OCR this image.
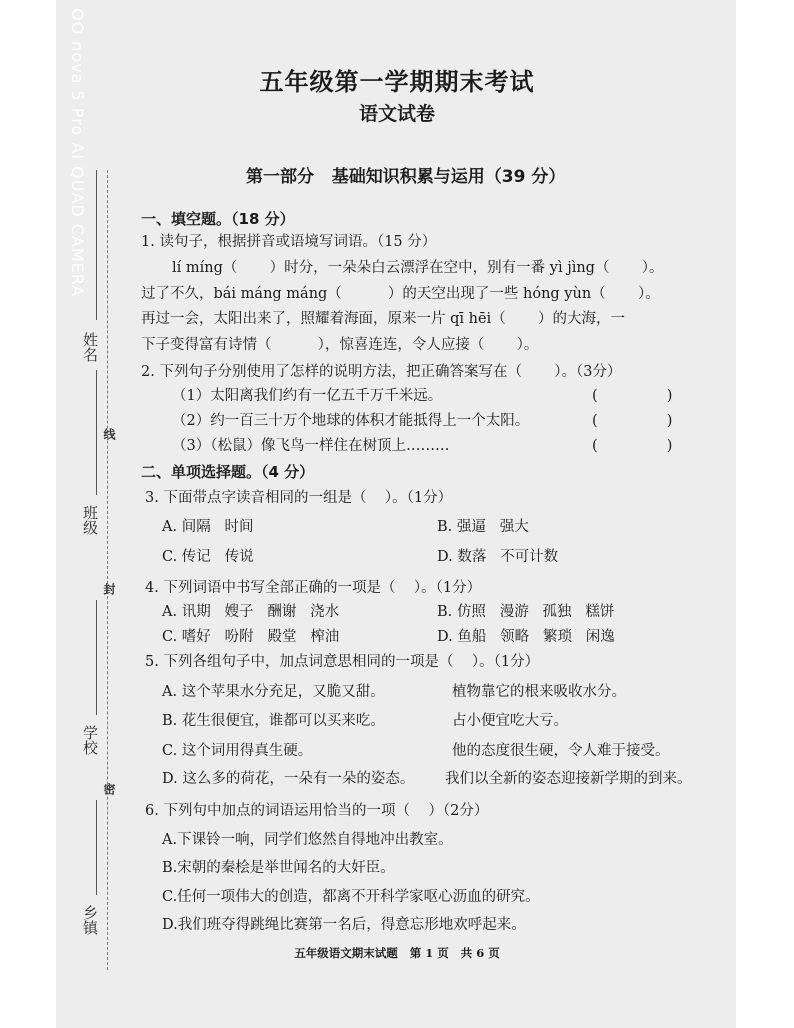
OO nova 5 Pro AI QUAD CAMERA
姓名
线
班级
封
学校
密
乡镇
五年级第一学期期末考试
语文试卷
第一部分   基础知识积累与运用（39 分）
一、填空题。（18 分）
1. 读句子，根据拼音或语境写词语。（15 分）
lí míng（       ）时分，一朵朵白云漂浮在空中，别有一番 yì jìng（       ）。
过了不久，bái máng máng（          ）的天空出现了一些 hóng yùn（       ）。
再过一会，太阳出来了，照耀着海面，原来一片 qī hēi（       ）的大海，一
下子变得富有诗情（          ），惊喜连连，令人应接（       ）。
2. 下列句子分别使用了怎样的说明方法，把正确答案写在（       ）。（3分）
（1）太阳离我们约有一亿五千万千米远。	(               )
（2）约一百三十万个地球的体积才能抵得上一个太阳。	(               )
（3）（松鼠）像飞鸟一样住在树顶上………	(               )
二、单项选择题。（4 分）
3. 下面带点字读音相同的一组是（    ）。（1分）
A. 间隔   时间	B. 强逼   强大
C. 传记   传说	D. 数落   不可计数
4. 下列词语中书写全部正确的一项是（    ）。（1分）
A. 讯期   嫂子   酬谢   浇水	B. 仿照   漫游   孤独   糕饼
C. 嗜好   吩附   殿堂   榨油	D. 鱼船   领略   繁琐   闲逸
5. 下列各组句子中，加点词意思相同的一项是（    ）。（1分）
A. 这个苹果水分充足，又脆又甜。	植物靠它的根来吸收水分。
B. 花生很便宜，谁都可以买来吃。	占小便宜吃大亏。
C. 这个词用得真生硬。	他的态度很生硬，令人难于接受。
D. 这么多的荷花，一朵有一朵的姿态。 我们以全新的姿态迎接新学期的到来。
6. 下列句中加点的词语运用恰当的一项（    ）（2分）
A.下课铃一响，同学们悠然自得地冲出教室。
B.宋朝的秦桧是举世闻名的大奸臣。
C.任何一项伟大的创造，都离不开科学家呕心沥血的研究。
D.我们班夺得跳绳比赛第一名后，得意忘形地欢呼起来。
五年级语文期末试题   第 1 页   共 6 页
